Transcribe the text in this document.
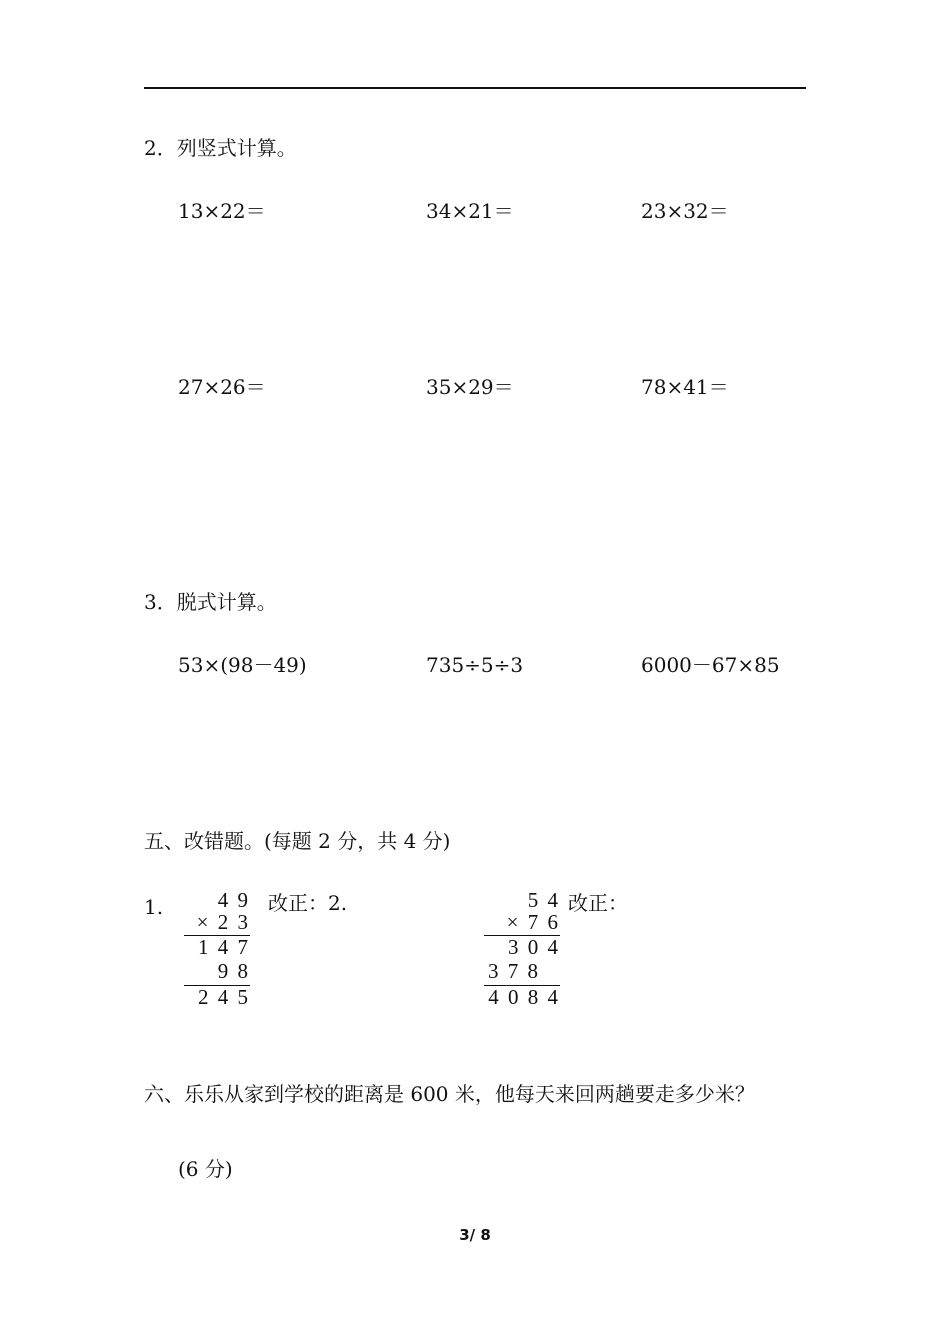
2．列竖式计算。
13×22＝	34×21＝	23×32＝
27×26＝	35×29＝	78×41＝
3．脱式计算。
53×(98－49)	735÷5÷3	6000－67×85
五、改错题。(每题 2 分，共 4 分)
1.	4 9
× 2 3
1 4 7
9 8
2 4 5
改正：2.	5 4
× 7 6
3 0 4
3 7 8
4 0 8 4
改正：
六、乐乐从家到学校的距离是 600 米，他每天来回两趟要走多少米？
(6 分)
3/ 8
